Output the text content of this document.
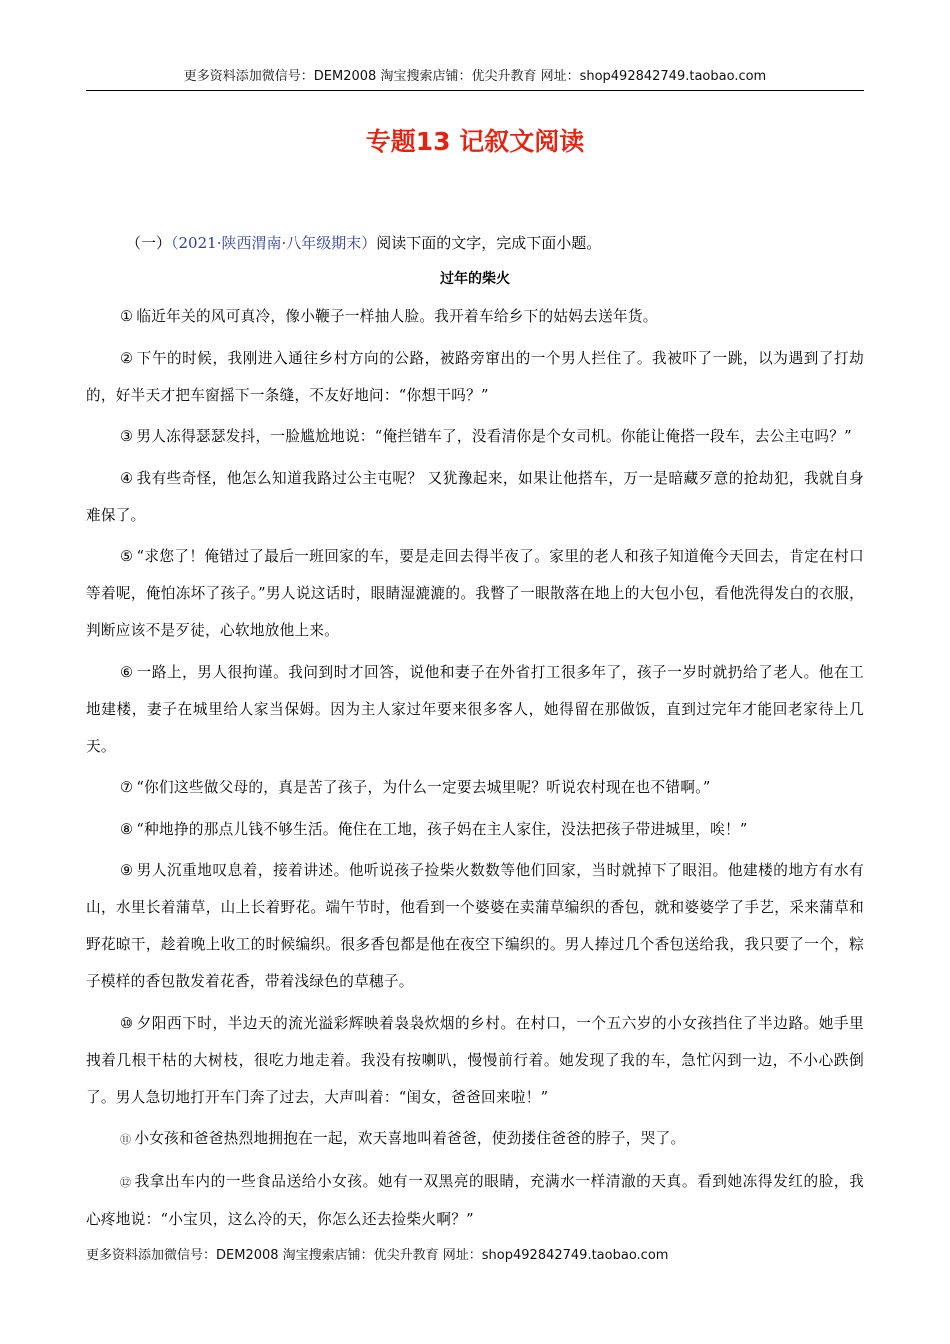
更多资料添加微信号：DEM2008 淘宝搜索店铺：优尖升教育 网址：shop492842749.taobao.com
专题13 记叙文阅读
（一）（2021·陕西渭南·八年级期末）阅读下面的文字，完成下面小题。
过年的柴火

① 临近年关的风可真冷，像小鞭子一样抽人脸。我开着车给乡下的姑妈去送年货。

② 下午的时候，我刚进入通往乡村方向的公路，被路旁窜出的一个男人拦住了。我被吓了一跳，以为遇到了打劫的，好半天才把车窗摇下一条缝，不友好地问：“你想干吗？”

③ 男人冻得瑟瑟发抖，一脸尴尬地说：“俺拦错车了，没看清你是个女司机。你能让俺搭一段车，去公主屯吗？”

④ 我有些奇怪，他怎么知道我路过公主屯呢？ 又犹豫起来，如果让他搭车，万一是暗藏歹意的抢劫犯，我就自身难保了。

⑤ “求您了！俺错过了最后一班回家的车，要是走回去得半夜了。家里的老人和孩子知道俺今天回去，肯定在村口等着呢，俺怕冻坏了孩子。”男人说这话时，眼睛湿漉漉的。我瞥了一眼散落在地上的大包小包，看他洗得发白的衣服，判断应该不是歹徒，心软地放他上来。

⑥ 一路上，男人很拘谨。我问到时才回答，说他和妻子在外省打工很多年了，孩子一岁时就扔给了老人。他在工地建楼，妻子在城里给人家当保姆。因为主人家过年要来很多客人，她得留在那做饭，直到过完年才能回老家待上几天。

⑦ “你们这些做父母的，真是苦了孩子，为什么一定要去城里呢？听说农村现在也不错啊。”

⑧ “种地挣的那点儿钱不够生活。俺住在工地，孩子妈在主人家住，没法把孩子带进城里，唉！”

⑨ 男人沉重地叹息着，接着讲述。他听说孩子捡柴火数数等他们回家，当时就掉下了眼泪。他建楼的地方有水有山，水里长着蒲草，山上长着野花。端午节时，他看到一个婆婆在卖蒲草编织的香包，就和婆婆学了手艺，采来蒲草和野花晾干，趁着晚上收工的时候编织。很多香包都是他在夜空下编织的。男人捧过几个香包送给我，我只要了一个，粽子模样的香包散发着花香，带着浅绿色的草穗子。

⑩ 夕阳西下时，半边天的流光溢彩辉映着袅袅炊烟的乡村。在村口，一个五六岁的小女孩挡住了半边路。她手里拽着几根干枯的大树枝，很吃力地走着。我没有按喇叭，慢慢前行着。她发现了我的车，急忙闪到一边，不小心跌倒了。男人急切地打开车门奔了过去，大声叫着：“闺女，爸爸回来啦！”

⑪ 小女孩和爸爸热烈地拥抱在一起，欢天喜地叫着爸爸，使劲搂住爸爸的脖子，哭了。

⑫ 我拿出车内的一些食品送给小女孩。她有一双黑亮的眼睛，充满水一样清澈的天真。看到她冻得发红的脸，我心疼地说：“小宝贝，这么冷的天，你怎么还去捡柴火啊？”

更多资料添加微信号：DEM2008 淘宝搜索店铺：优尖升教育 网址：shop492842749.taobao.com
